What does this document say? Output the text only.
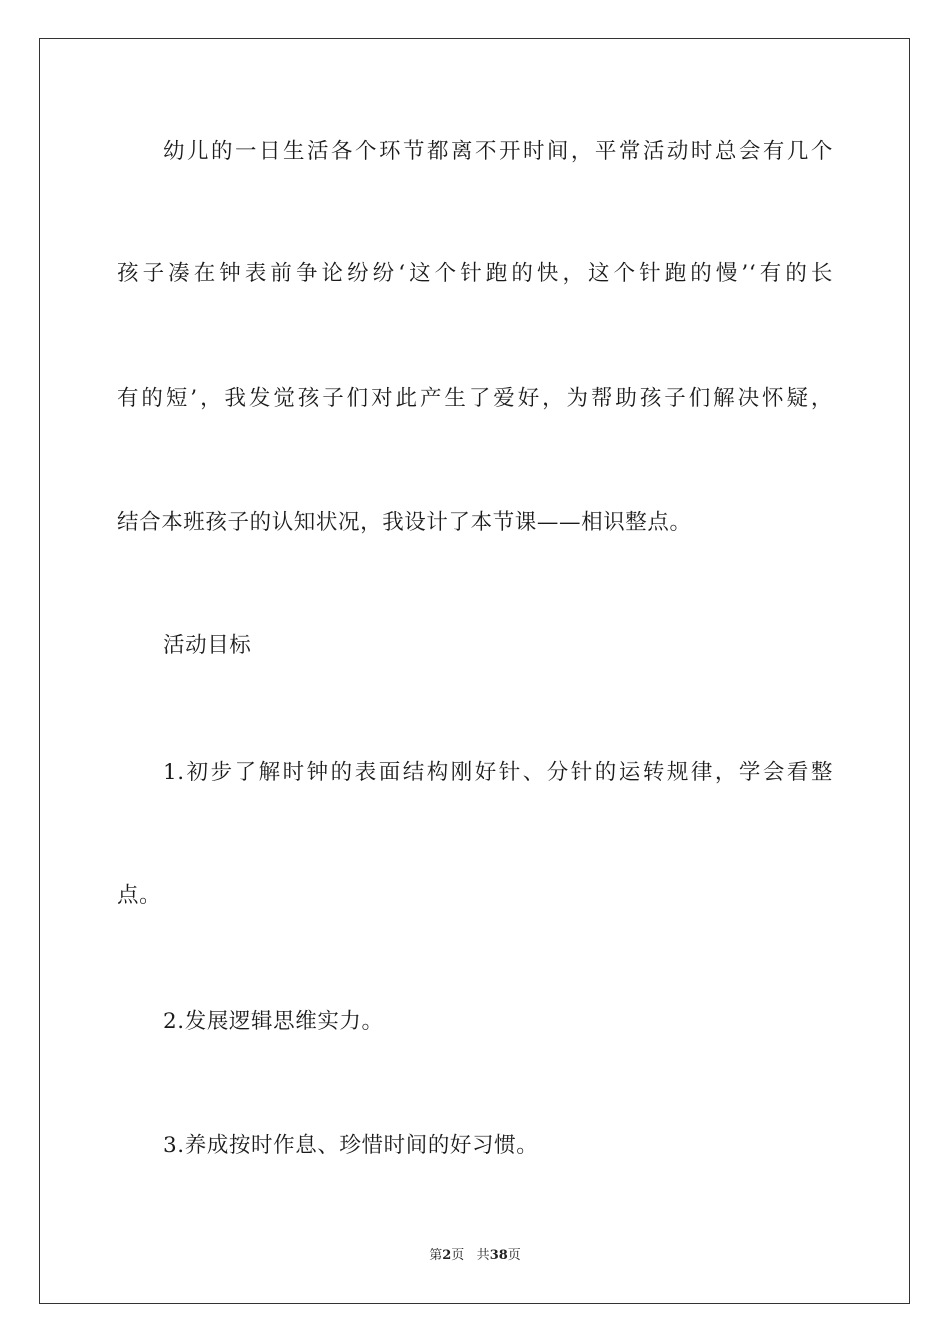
幼儿的一日生活各个环节都离不开时间，平常活动时总会有几个

孩子凑在钟表前争论纷纷‘这个针跑的快，这个针跑的慢’‘有的长

有的短’，我发觉孩子们对此产生了爱好，为帮助孩子们解决怀疑，

结合本班孩子的认知状况，我设计了本节课——相识整点。

活动目标

1.初步了解时钟的表面结构刚好针、分针的运转规律，学会看整

点。

2.发展逻辑思维实力。

3.养成按时作息、珍惜时间的好习惯。

第2页 共38页
